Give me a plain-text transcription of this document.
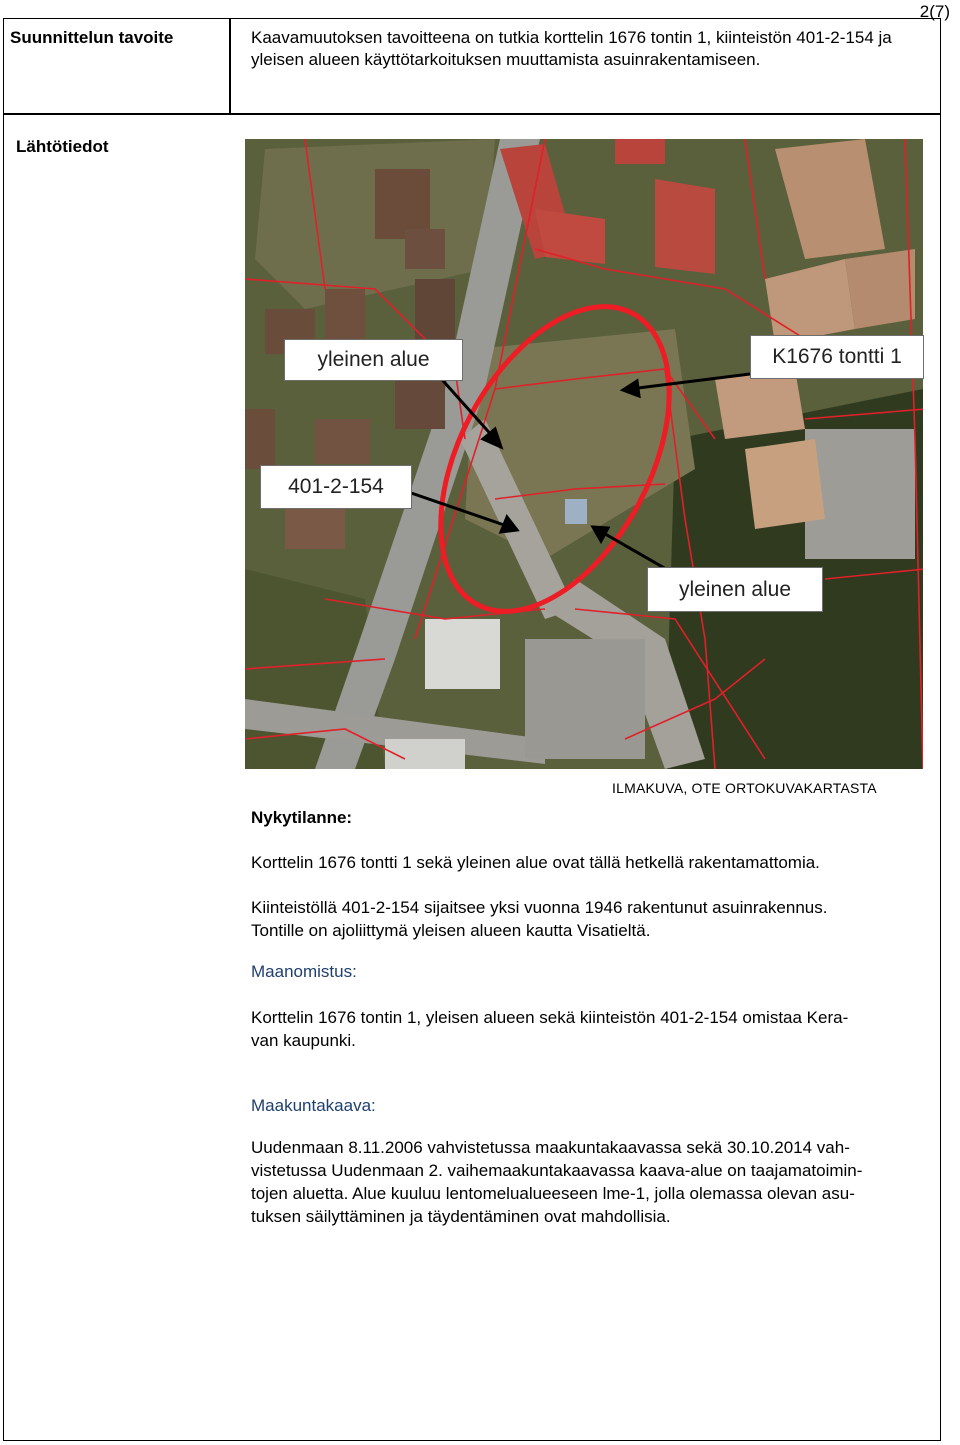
2(7)
Suunnittelun tavoite	Kaavamuutoksen tavoitteena on tutkia korttelin 1676 tontin 1, kiinteistön 401-2-154 ja yleisen alueen käyttötarkoituksen muuttamista asuinrakentamiseen.
Lähtötiedot
yleinen alue	K1676 tontti 1
401-2-154
yleinen alue
ILMAKUVA, OTE ORTOKUVAKARTASTA
Nykytilanne:
Korttelin 1676 tontti 1 sekä yleinen alue ovat tällä hetkellä rakentamattomia.
Kiinteistöllä 401-2-154 sijaitsee yksi vuonna 1946 rakentunut asuinrakennus.
Tontille on ajoliittymä yleisen alueen kautta Visatieltä.
Maanomistus:
Korttelin 1676 tontin 1, yleisen alueen sekä kiinteistön 401-2-154 omistaa Kera-
van kaupunki.
Maakuntakaava:
Uudenmaan 8.11.2006 vahvistetussa maakuntakaavassa sekä 30.10.2014 vah-
vistetussa Uudenmaan 2. vaihemaakuntakaavassa kaava-alue on taajamatoimin-
tojen aluetta. Alue kuuluu lentomelualueeseen lme-1, jolla olemassa olevan asu-
tuksen säilyttäminen ja täydentäminen ovat mahdollisia.
